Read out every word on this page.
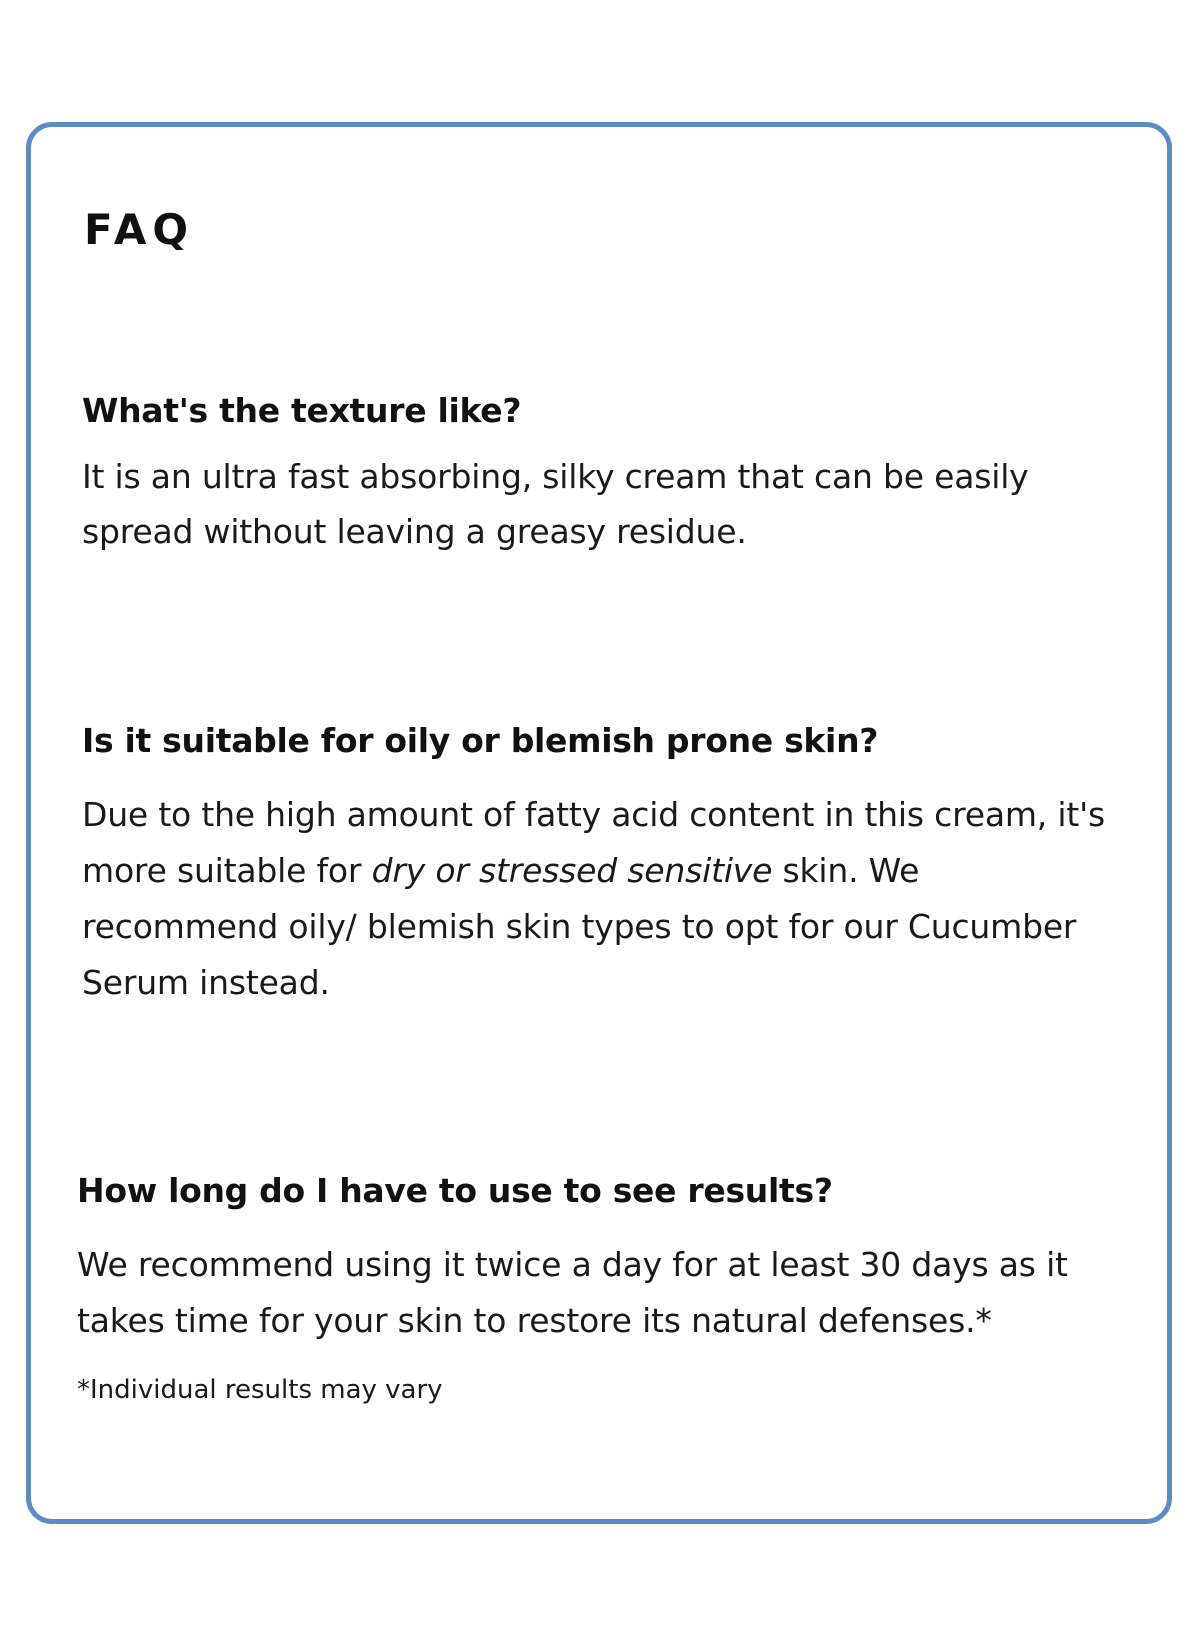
FAQ
What's the texture like?

It is an ultra fast absorbing, silky cream that can be easily spread without leaving a greasy residue.

Is it suitable for oily or blemish prone skin?

Due to the high amount of fatty acid content in this cream, it's more suitable for dry or stressed sensitive skin. We recommend oily/ blemish skin types to opt for our Cucumber Serum instead.

How long do I have to use to see results?

We recommend using it twice a day for at least 30 days as it takes time for your skin to restore its natural defenses.*

*Individual results may vary
